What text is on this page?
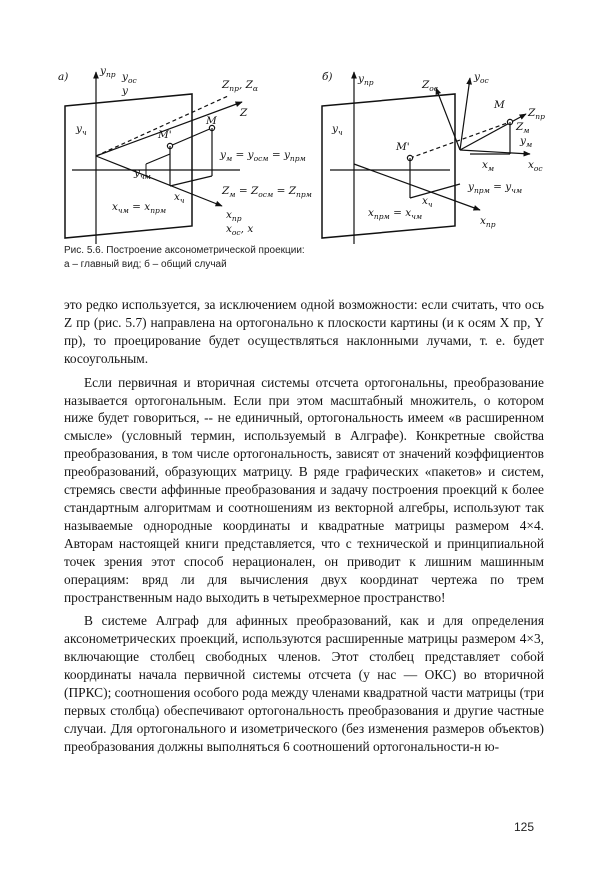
а)	$y_{пр}$ $y_{ос}$
y	$Z_{пр}$, $Z_\alpha$
Z
$y_ч$	M'
M
$y_м = y_{осм} = y_{прм}$
$y_{чм}$
$x_ч$
$Z_м = Z_{осм} = Z_{прм}$
$x_{чм} = x_{прм}$	$x_{пр}$
$x_{ос}$, x
б) $y_{пр}$	$Z_{ос}$
$y_{ос}$
M
$Z_{пр}$
$Z_м$
$y_м$
$y_ч$
M'
$x_м$	$x_{ос}$
$y_{прм} = y_{чм}$
$x_ч$
$x_{прм} = x_{чм}$	$x_{пр}$
Рис. 5.6. Построение аксонометрической проекции:
а – главный вид; б – общий случай

это редко используется, за исключением одной возможности: если считать, что ось Z пр (рис. 5.7) направлена на ортогонально к плоскости картины (и к осям X пр, Y пр), то проецирование будет осуществляться наклонными лучами, т. е. будет косоугольным.

Если первичная и вторичная системы отсчета ортогональны, преобразование называется ортогональным. Если при этом масштабный множитель, о котором ниже будет говориться, -- не единичный, ортогональность имеем «в расширенном смысле» (условный термин, используемый в Алграфе). Конкретные свойства преобразования, в том числе ортогональность, зависят от значений коэффициентов преобразований, образующих матрицу. В ряде графических «пакетов» и систем, стремясь свести аффинные преобразования и задачу построения проекций к более стандартным алгоритмам и соотношениям из векторной алгебры, используют так называемые однородные координаты и квадратные матрицы размером 4×4. Авторам настоящей книги представляется, что с технической и принципиальной точек зрения этот способ нерационален, он приводит к лишним машинным операциям: вряд ли для вычисления двух координат чертежа по трем пространственным надо выходить в четырехмерное пространство!

В системе Алграф для афинных преобразований, как и для определения аксонометрических проекций, используются расширенные матрицы размером 4×3, включающие столбец свободных членов. Этот столбец представляет собой координаты начала первичной системы отсчета (у нас — ОКС) во вторичной (ПРКС); соотношения особого рода между членами квадратной части матрицы (три первых столбца) обеспечивают ортогональность преобразования и другие частные случаи. Для ортогонального и изометрического (без изменения размеров объектов) преобразования должны выполняться 6 соотношений ортогональности-н ю-

125
